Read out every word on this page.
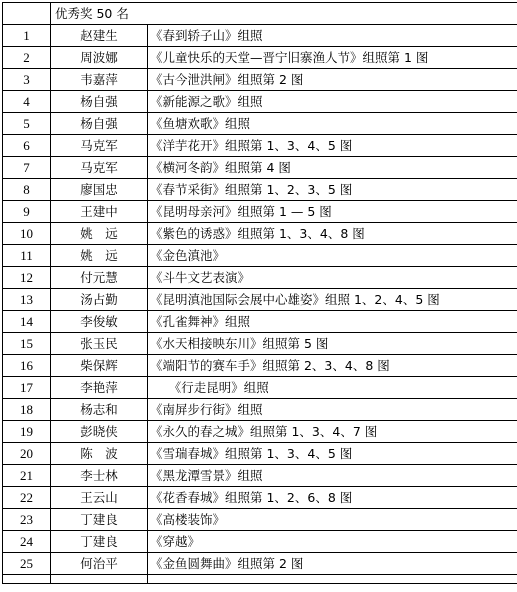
	优秀奖 50 名	
1	赵建生	《春到轿子山》组照
2	周波娜	《儿童快乐的天堂—晋宁旧寨渔人节》组照第 1 图
3	韦嘉萍	《古今泄洪闸》组照第 2 图
4	杨自强	《新能源之歌》组照
5	杨自强	《鱼塘欢歌》组照
6	马克军	《洋芋花开》组照第 1、3、4、5 图
7	马克军	《横河冬韵》组照第 4 图
8	廖国忠	《春节采街》组照第 1、2、3、5 图
9	王建中	《昆明母亲河》组照第 1 — 5 图
10	姚　远	《紫色的诱惑》组照第 1、3、4、8 图
11	姚　远	《金色滇池》
12	付元慧	《斗牛文艺表演》
13	汤占勤	《昆明滇池国际会展中心雄姿》组照 1、2、4、5 图
14	李俊敏	《孔雀舞神》组照
15	张玉民	《水天相接映东川》组照第 5 图
16	柴保辉	《端阳节的赛车手》组照第 2、3、4、8 图
17	李艳萍	　　《行走昆明》组照
18	杨志和	《南屏步行街》组照
19	彭晓侠	《永久的春之城》组照第 1、3、4、7 图
20	陈　波	《雪瑞春城》组照第 1、3、4、5 图
21	李士林	《黑龙潭雪景》组照
22	王云山	《花香春城》组照第 1、2、6、8 图
23	丁建良	《高楼装饰》
24	丁建良	《穿越》
25	何治平	《金鱼圆舞曲》组照第 2 图
